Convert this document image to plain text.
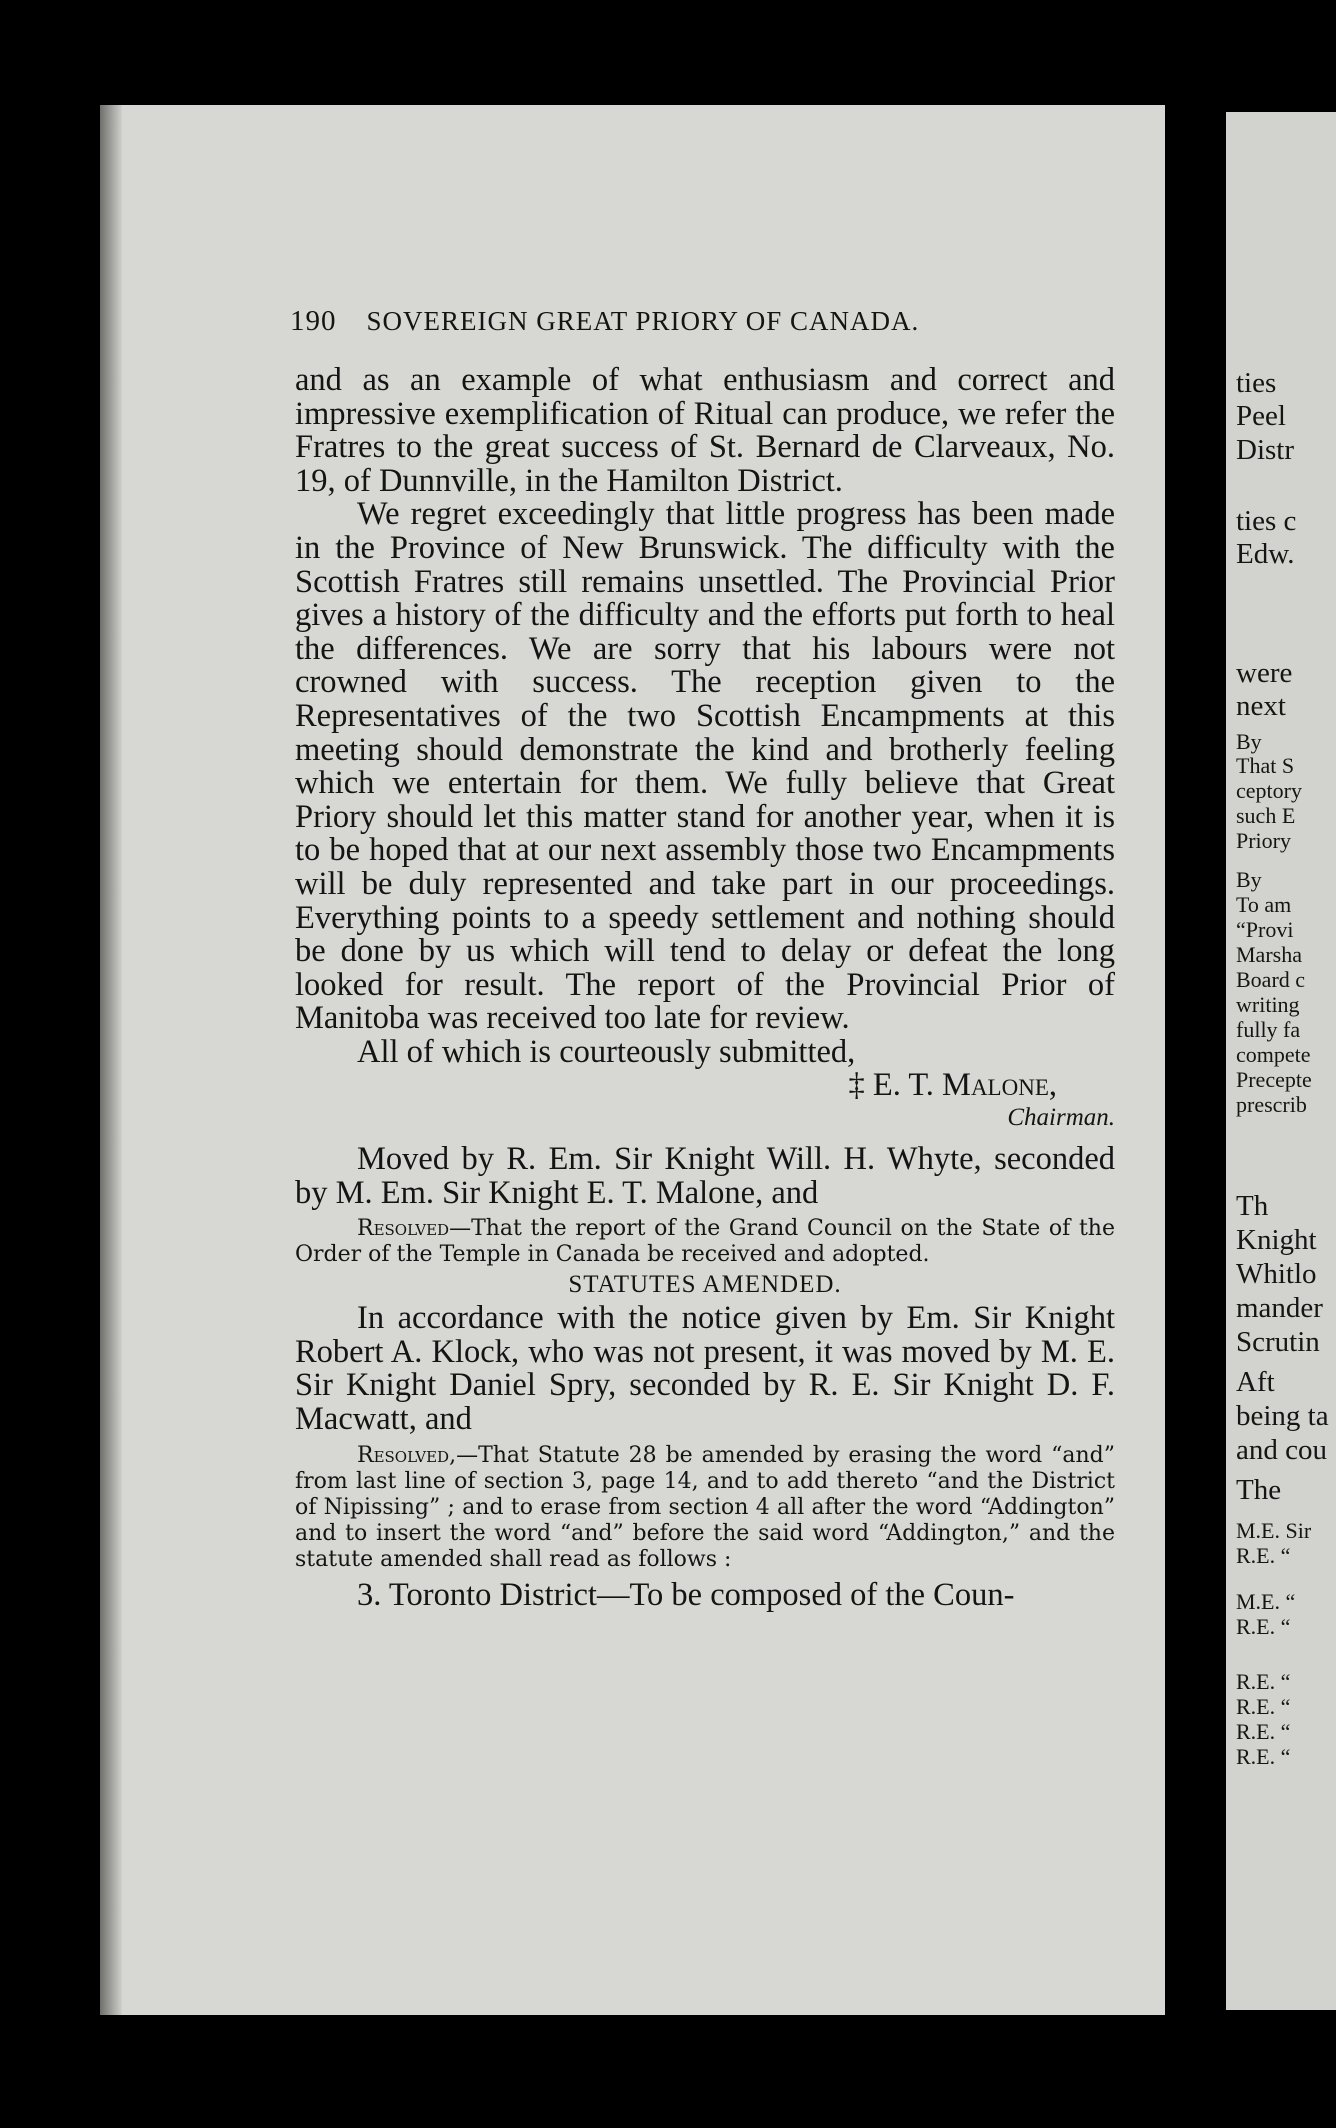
190 SOVEREIGN GREAT PRIORY OF CANADA.

and as an example of what enthusiasm and correct and impressive exemplification of Ritual can produce, we refer the Fratres to the great success of St. Bernard de Clarveaux, No. 19, of Dunnville, in the Hamilton District.

We regret exceedingly that little progress has been made in the Province of New Brunswick. The difficulty with the Scottish Fratres still remains unsettled. The Provincial Prior gives a history of the difficulty and the efforts put forth to heal the differences. We are sorry that his labours were not crowned with success. The reception given to the Representatives of the two Scottish Encampments at this meeting should demonstrate the kind and brotherly feeling which we entertain for them. We fully believe that Great Priory should let this matter stand for another year, when it is to be hoped that at our next assembly those two Encampments will be duly represented and take part in our proceedings. Everything points to a speedy settlement and nothing should be done by us which will tend to delay or defeat the long looked for result. The report of the Provincial Prior of Manitoba was received too late for review.

All of which is courteously submitted,

‡ E. T. Malone,

Chairman.

Moved by R. Em. Sir Knight Will. H. Whyte, seconded by M. Em. Sir Knight E. T. Malone, and

Resolved—That the report of the Grand Council on the State of the Order of the Temple in Canada be received and adopted.

STATUTES AMENDED.

In accordance with the notice given by Em. Sir Knight Robert A. Klock, who was not present, it was moved by M. E. Sir Knight Daniel Spry, seconded by R. E. Sir Knight D. F. Macwatt, and

Resolved,—That Statute 28 be amended by erasing the word “and” from last line of section 3, page 14, and to add thereto “and the District of Nipissing” ; and to erase from section 4 all after the word “Addington” and to insert the word “and” before the said word “Addington,” and the statute amended shall read as follows :

3. Toronto District—To be composed of the Coun-

ties
Peel
Distr
ties c
Edw.
were
next
By
That S
ceptory
such E
Priory
By
To am
“Provi
Marsha
Board c
writing
fully fa
compete
Precepte
prescrib
Th
Knight
Whitlo
mander
Scrutin
Aft
being ta
and cou
The
M.E. Sir
R.E. “
M.E. “
R.E. “
R.E. “
R.E. “
R.E. “
R.E. “
